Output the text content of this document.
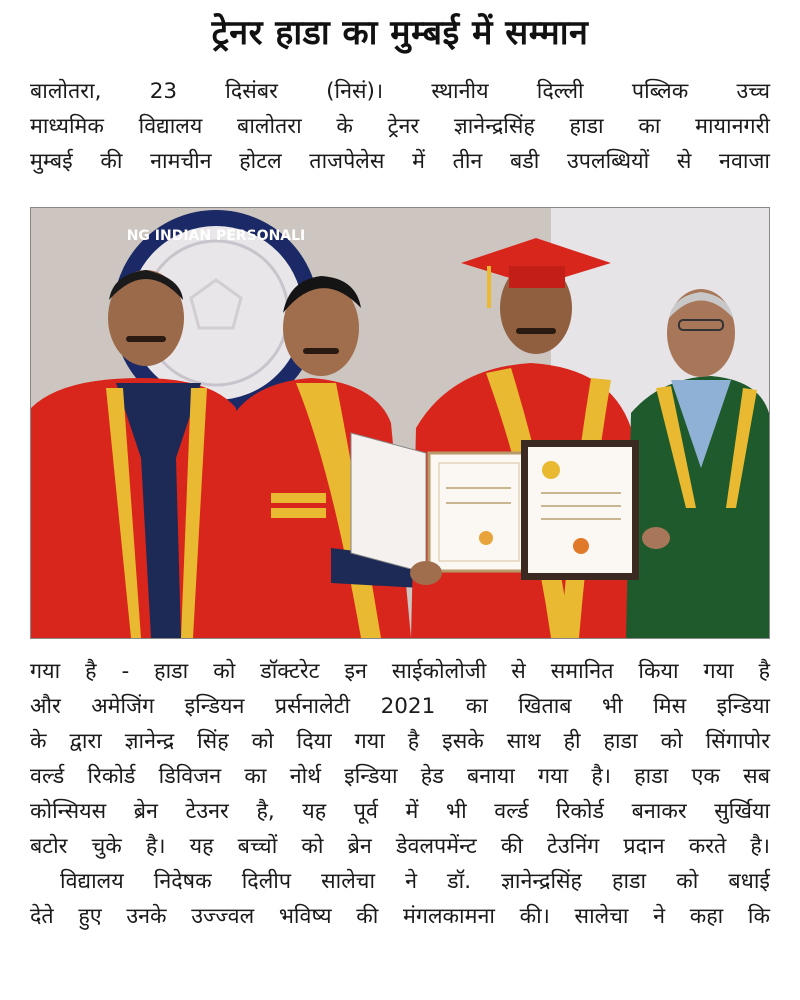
ट्रेनर हाडा का मुम्बई में सम्मान
बालोतरा, 23 दिसंबर (निसं)। स्थानीय दिल्ली पब्लिक उच्च
माध्यमिक विद्यालय बालोतरा के ट्रेनर ज्ञानेन्द्रसिंह हाडा का मायानगरी
मुम्बई की नामचीन होटल ताजपेलेस में तीन बडी उपलब्धियों से नवाजा
NG INDIAN PERSONALI
गया है - हाडा को डॉक्टरेट इन साईकोलोजी से समानित किया गया है
और अमेजिंग इन्डियन प्रर्सनालेटी 2021 का खिताब भी मिस इन्डिया
के द्वारा ज्ञानेन्द्र सिंह को दिया गया है इसके साथ ही हाडा को सिंगापोर
वर्ल्ड रिकोर्ड डिविजन का नोर्थ इन्डिया हेड बनाया गया है। हाडा एक सब
कोन्सियस ब्रेन टेउनर है, यह पूर्व में भी वर्ल्ड रिकोर्ड बनाकर सुर्खिया
बटोर चुके है। यह बच्चों को ब्रेन डेवलपमेंन्ट की टेउनिंग प्रदान करते है।
विद्यालय निदेषक दिलीप सालेचा ने डॉ. ज्ञानेन्द्रसिंह हाडा को बधाई
देते हुए उनके उज्ज्वल भविष्य की मंगलकामना की। सालेचा ने कहा कि
